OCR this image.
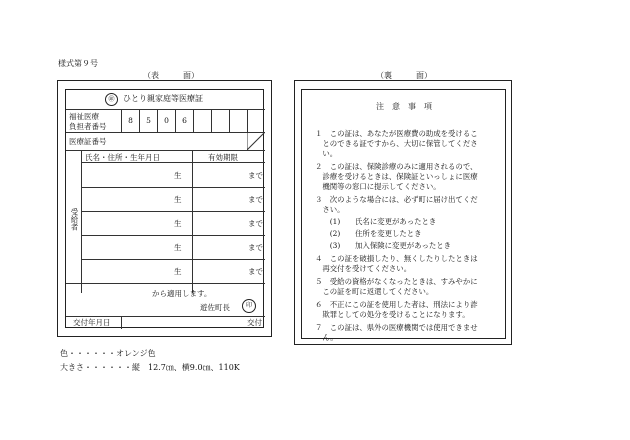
様式第９号
（表　　　面）
㊞	ひとり親家庭等医療証
福祉医療
負担者番号
8	5	0	6
医療証番号
氏名・住所・生年月日	有効期限
受給者
生	まで
生	まで
生	まで
生	まで
生	まで
から適用します。
遊佐町長	印
交付年月日	交付
（裏　　　面）
注　意　事　項
１　この証は、あなたが医療費の助成を受けるこ
　とのできる証ですから、大切に保管してくださ
　い。
２　この証は、保険診療のみに適用されるので、
　診療を受けるときは、保険証といっしょに医療
　機関等の窓口に提示してください。
３　次のような場合には、必ず町に届け出てくだ
　さい。
　　(1)　　氏名に変更があったとき
　　(2)　　住所を変更したとき
　　(3)　　加入保険に変更があったとき
４　この証を破損したり、無くしたりしたときは
　再交付を受けてください。
５　受給の資格がなくなったときは、すみやかに
　この証を町に返還してください。
６　不正にこの証を使用した者は、刑法により詐
　欺罪としての処分を受けることになります。
７　この証は、県外の医療機関では使用できませ
　ん。
色・・・・・・オレンジ色
大きさ・・・・・・縦　12.7㎝、横9.0㎝、110K
